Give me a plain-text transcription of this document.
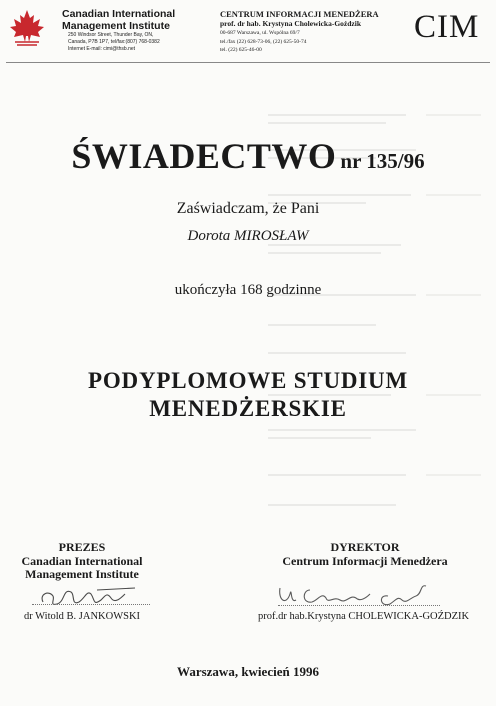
Canadian International
Management Institute
250 Windsor Street, Thunder Bay, ON,
Canada, P7B 1P7, tel/fax:(807) 768-0382
Internet E-mail: cimi@thsb.net
CENTRUM INFORMACJI MENEDŻERA
prof. dr hab. Krystyna Cholewicka-Goździk
00-687 Warszawa, ul. Wspólna 69/7
tel./fax (22) 628-73-06, (22) 625-50-74
tel. (22) 625-46-00
CIM
ŚWIADECTWO nr 135/96
Zaświadczam, że Pani
Dorota MIROSŁAW
ukończyła 168 godzinne
PODYPLOMOWE STUDIUM
MENEDŻERSKIE
PREZES
Canadian International
Management Institute
dr Witold B. JANKOWSKI
DYREKTOR
Centrum Informacji Menedżera
prof.dr hab.Krystyna CHOLEWICKA-GOŹDZIK
Warszawa, kwiecień 1996
